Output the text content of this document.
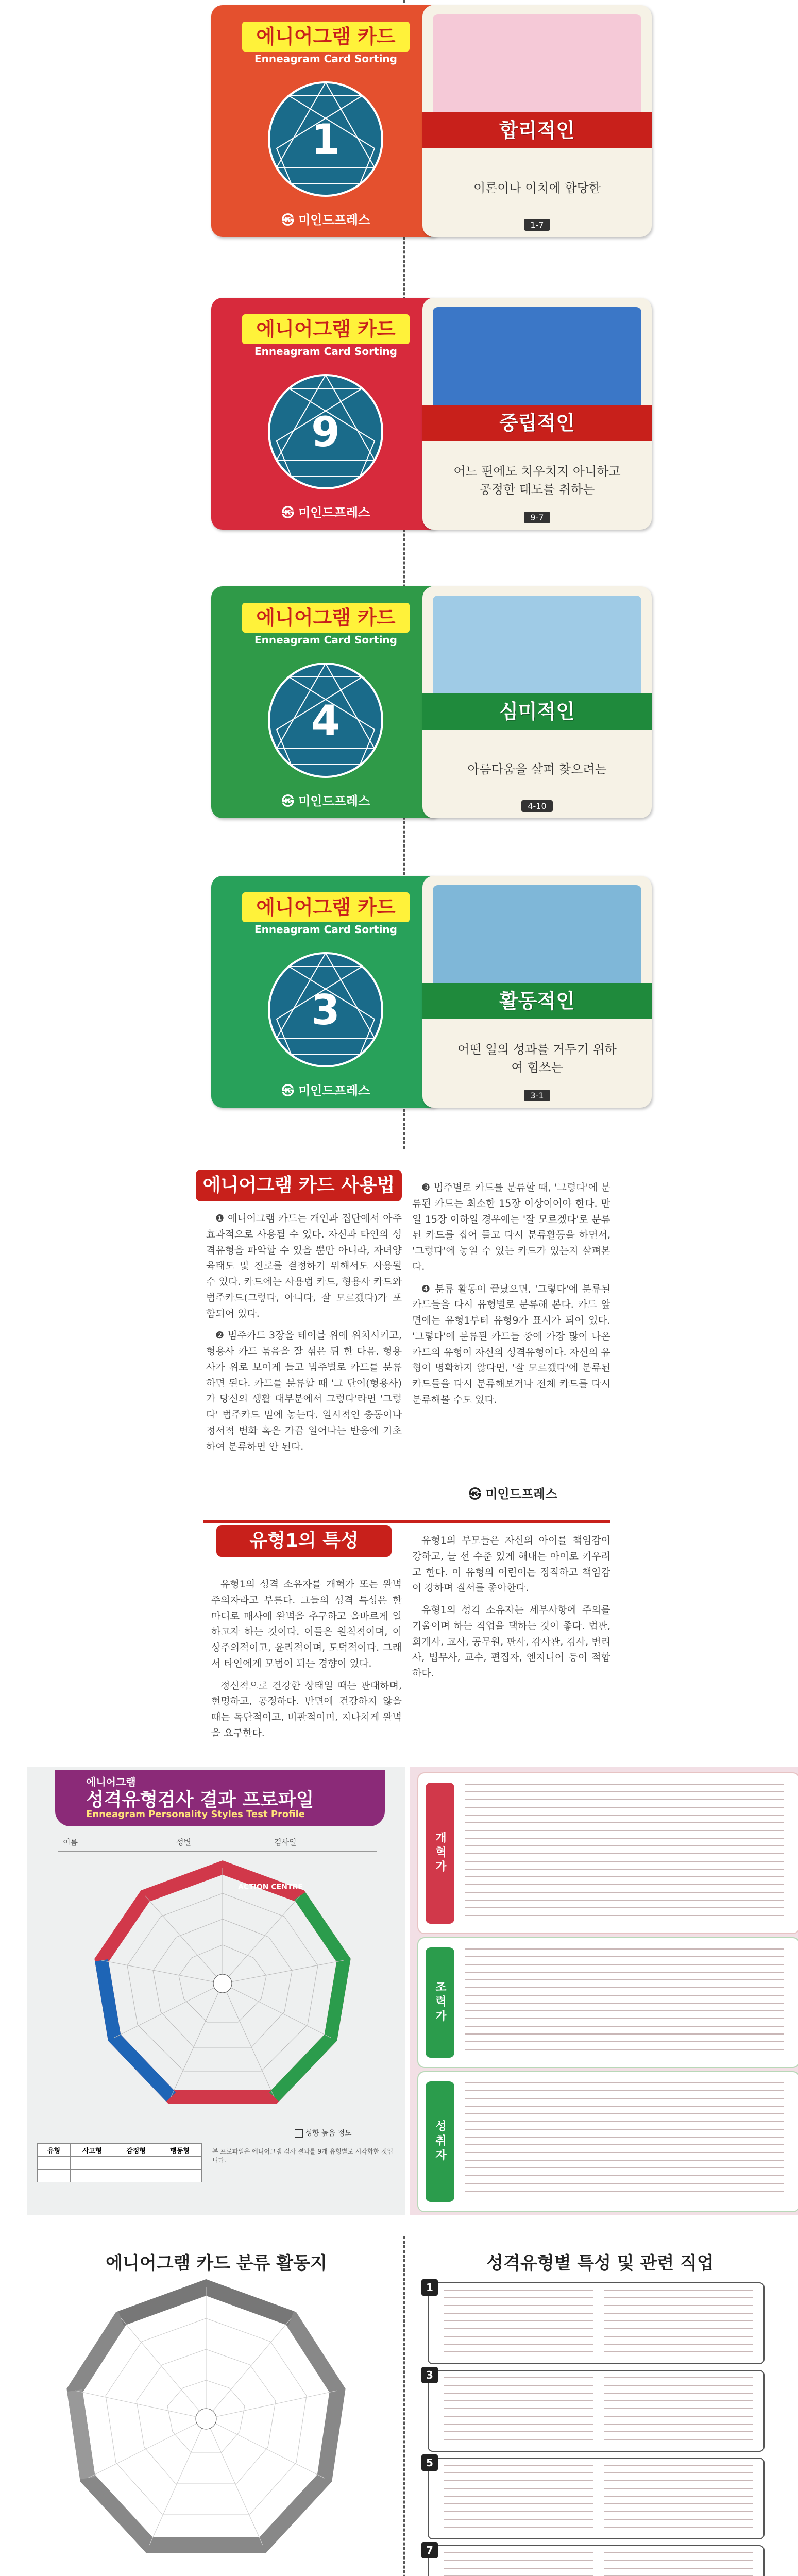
에니어그램 카드
Enneagram Card Sorting
1
㉿ 미인드프레스
에니어그램 카드
Enneagram Card Sorting
9
㉿ 미인드프레스
에니어그램 카드
Enneagram Card Sorting
4
㉿ 미인드프레스
에니어그램 카드
Enneagram Card Sorting
3
㉿ 미인드프레스
합리적인
이론이나 이치에 합당한
1-7
중립적인
어느 편에도 치우치지 아니하고 공정한 태도를 취하는
9-7
심미적인
아름다움을 살펴 찾으려는
4-10
활동적인
어떤 일의 성과를 거두기 위하여 힘쓰는
3-1
에니어그램 카드 사용법

❶ 에니어그램 카드는 개인과 집단에서 아주 효과적으로 사용될 수 있다. 자신과 타인의 성격유형을 파악할 수 있을 뿐만 아니라, 자녀양육태도 및 진로를 결정하기 위해서도 사용될 수 있다. 카드에는 사용법 카드, 형용사 카드와 범주카드(그렇다, 아니다, 잘 모르겠다)가 포함되어 있다.

❷ 범주카드 3장을 테이블 위에 위치시키고, 형용사 카드 묶음을 잘 섞은 뒤 한 다음, 형용사가 위로 보이게 들고 범주별로 카드를 분류하면 된다. 카드를 분류할 때 '그 단어(형용사)가 당신의 생활 대부분에서 그렇다'라면 '그렇다' 범주카드 밑에 놓는다. 일시적인 충동이나 정서적 변화 혹은 가끔 일어나는 반응에 기초하여 분류하면 안 된다.

❸ 범주별로 카드를 분류할 때, '그렇다'에 분류된 카드는 최소한 15장 이상이어야 한다. 만일 15장 이하일 경우에는 '잘 모르겠다'로 분류된 카드를 집어 들고 다시 분류활동을 하면서, '그렇다'에 놓일 수 있는 카드가 있는지 살펴본다.

❹ 분류 활동이 끝났으면, '그렇다'에 분류된 카드들을 다시 유형별로 분류해 본다. 카드 앞면에는 유형1부터 유형9가 표시가 되어 있다. '그렇다'에 분류된 카드들 중에 가장 많이 나온 카드의 유형이 자신의 성격유형이다. 자신의 유형이 명확하지 않다면, '잘 모르겠다'에 분류된 카드들을 다시 분류해보거나 전체 카드를 다시 분류해볼 수도 있다.

㉿ 미인드프레스
유형1의 특성

유형1의 성격 소유자를 개혁가 또는 완벽주의자라고 부른다. 그들의 성격 특성은 한 마디로 매사에 완벽을 추구하고 올바르게 일하고자 하는 것이다. 이들은 원칙적이며, 이상주의적이고, 윤리적이며, 도덕적이다. 그래서 타인에게 모범이 되는 경향이 있다.

정신적으로 건강한 상태일 때는 관대하며, 현명하고, 공정하다. 반면에 건강하지 않을 때는 독단적이고, 비판적이며, 지나치게 완벽을 요구한다.

유형1의 부모들은 자신의 아이를 책임감이 강하고, 늘 선 수준 있게 해내는 아이로 키우려고 한다. 이 유형의 어린이는 정직하고 책임감이 강하며 질서를 좋아한다.

유형1의 성격 소유자는 세부사항에 주의를 기울이며 하는 직업을 택하는 것이 좋다. 법관, 회계사, 교사, 공무원, 판사, 감사관, 검사, 변리사, 법무사, 교수, 편집자, 엔지니어 등이 적합하다.

에니어그램
성격유형검사 결과 프로파일
Enneagram Personality Styles Test Profile
이름	성별	검사일
ACTION CENTRE
성향 높음 정도
유형	사고형	감정형	행동형

				본 프로파일은 에니어그램 검사 결과를 9개 유형별로 시각화한 것입니다.
개혁가
조력가
성취자
에니어그램 카드 분류 활동지

										성격유형별 특성 및 관련 직업
1
3
5
7
